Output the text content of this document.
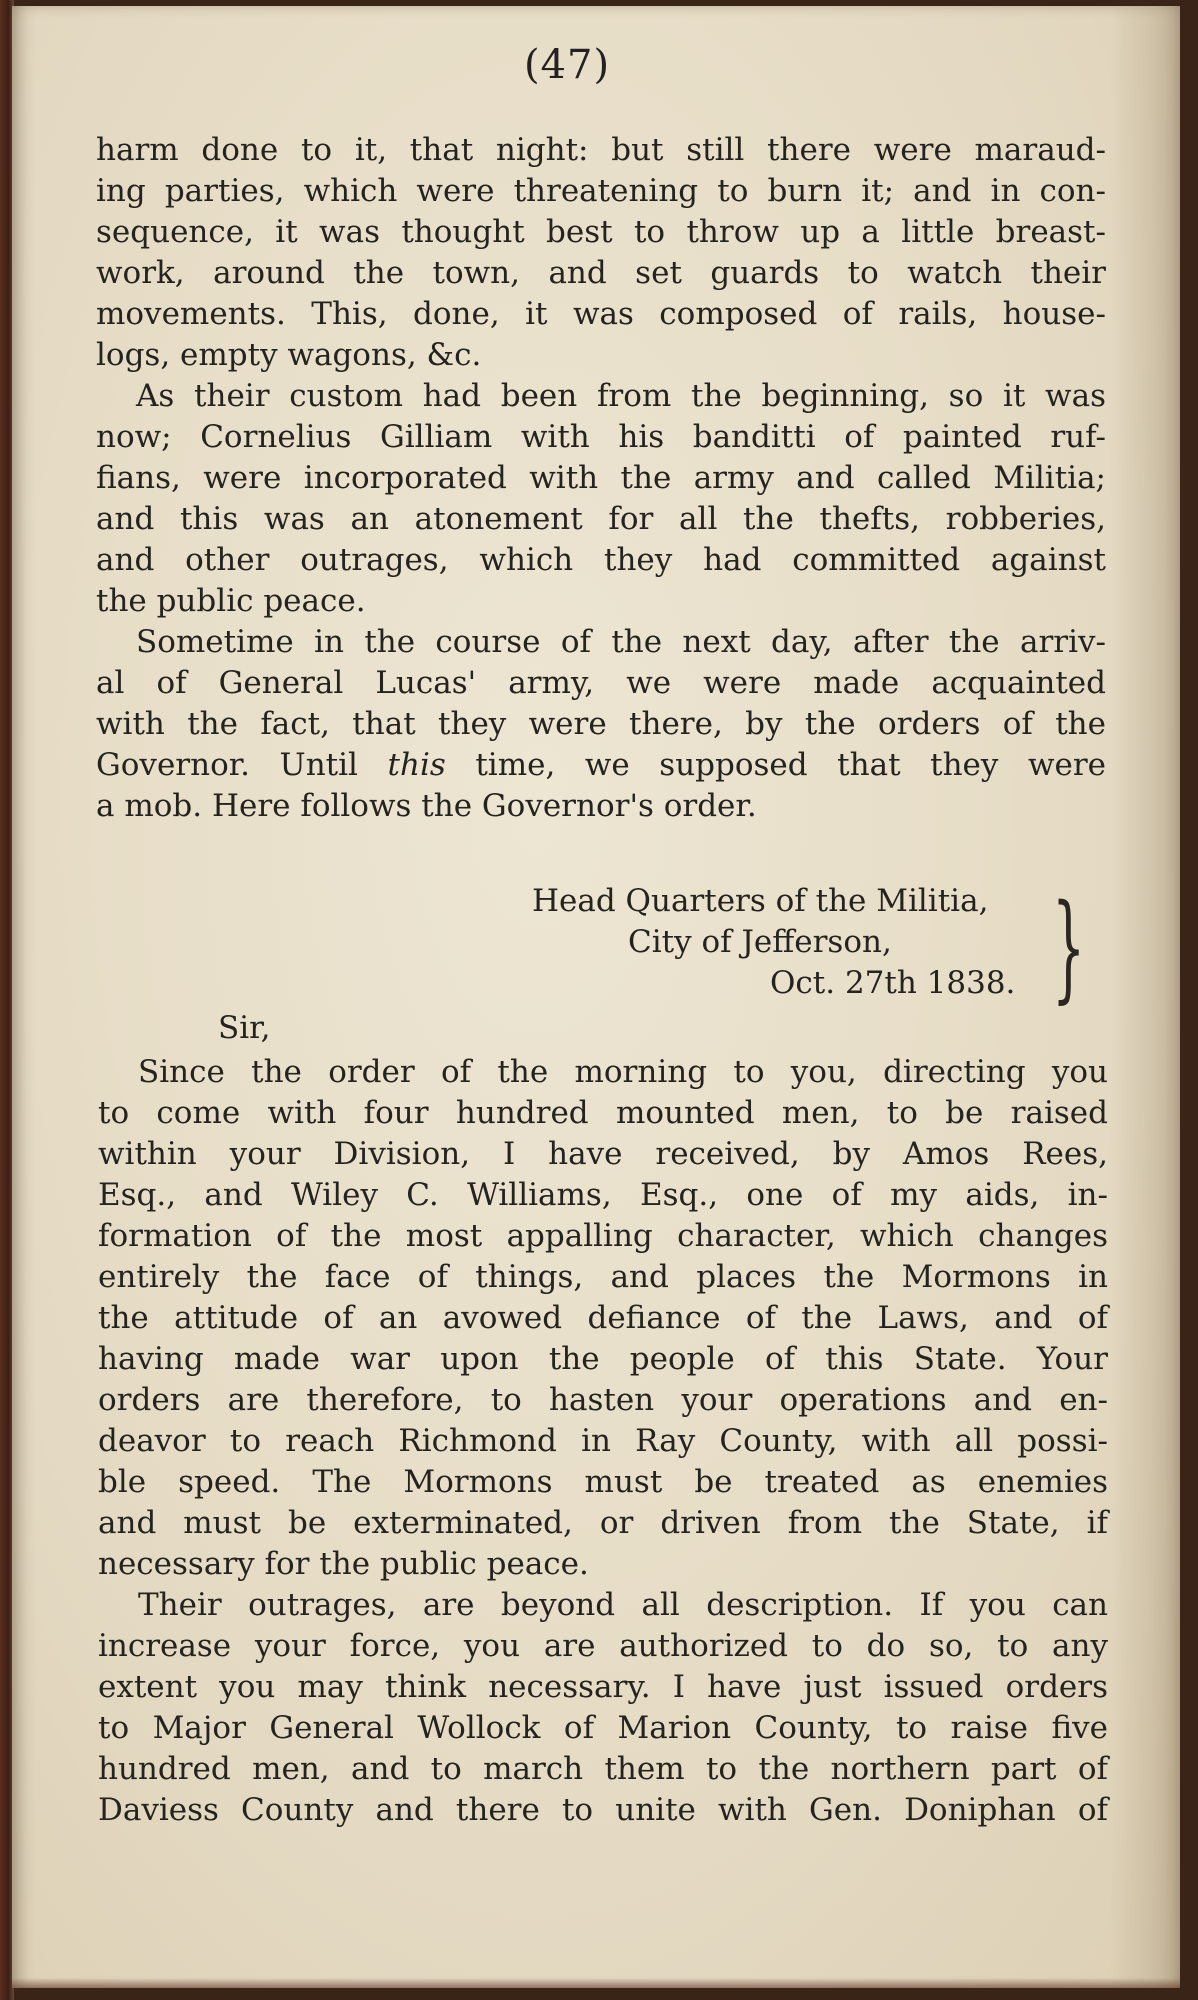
(47)
harm done to it, that night: but still there were maraud-
ing parties, which were threatening to burn it; and in con-
sequence, it was thought best to throw up a little breast-
work, around the town, and set guards to watch their
movements. This, done, it was composed of rails, house-
logs, empty wagons, &c.
As their custom had been from the beginning, so it was
now; Cornelius Gilliam with his banditti of painted ruf-
fians, were incorporated with the army and called Militia;
and this was an atonement for all the thefts, robberies,
and other outrages, which they had committed against
the public peace.
Sometime in the course of the next day, after the arriv-
al of General Lucas' army, we were made acquainted
with the fact, that they were there, by the orders of the
Governor. Until this time, we supposed that they were
a mob. Here follows the Governor's order.
Head Quarters of the Militia,
City of Jefferson,
Oct. 27th 1838. }
Sir,
Since the order of the morning to you, directing you
to come with four hundred mounted men, to be raised
within your Division, I have received, by Amos Rees,
Esq., and Wiley C. Williams, Esq., one of my aids, in-
formation of the most appalling character, which changes
entirely the face of things, and places the Mormons in
the attitude of an avowed defiance of the Laws, and of
having made war upon the people of this State. Your
orders are therefore, to hasten your operations and en-
deavor to reach Richmond in Ray County, with all possi-
ble speed. The Mormons must be treated as enemies
and must be exterminated, or driven from the State, if
necessary for the public peace.
Their outrages, are beyond all description. If you can
increase your force, you are authorized to do so, to any
extent you may think necessary. I have just issued orders
to Major General Wollock of Marion County, to raise five
hundred men, and to march them to the northern part of
Daviess County and there to unite with Gen. Doniphan of
